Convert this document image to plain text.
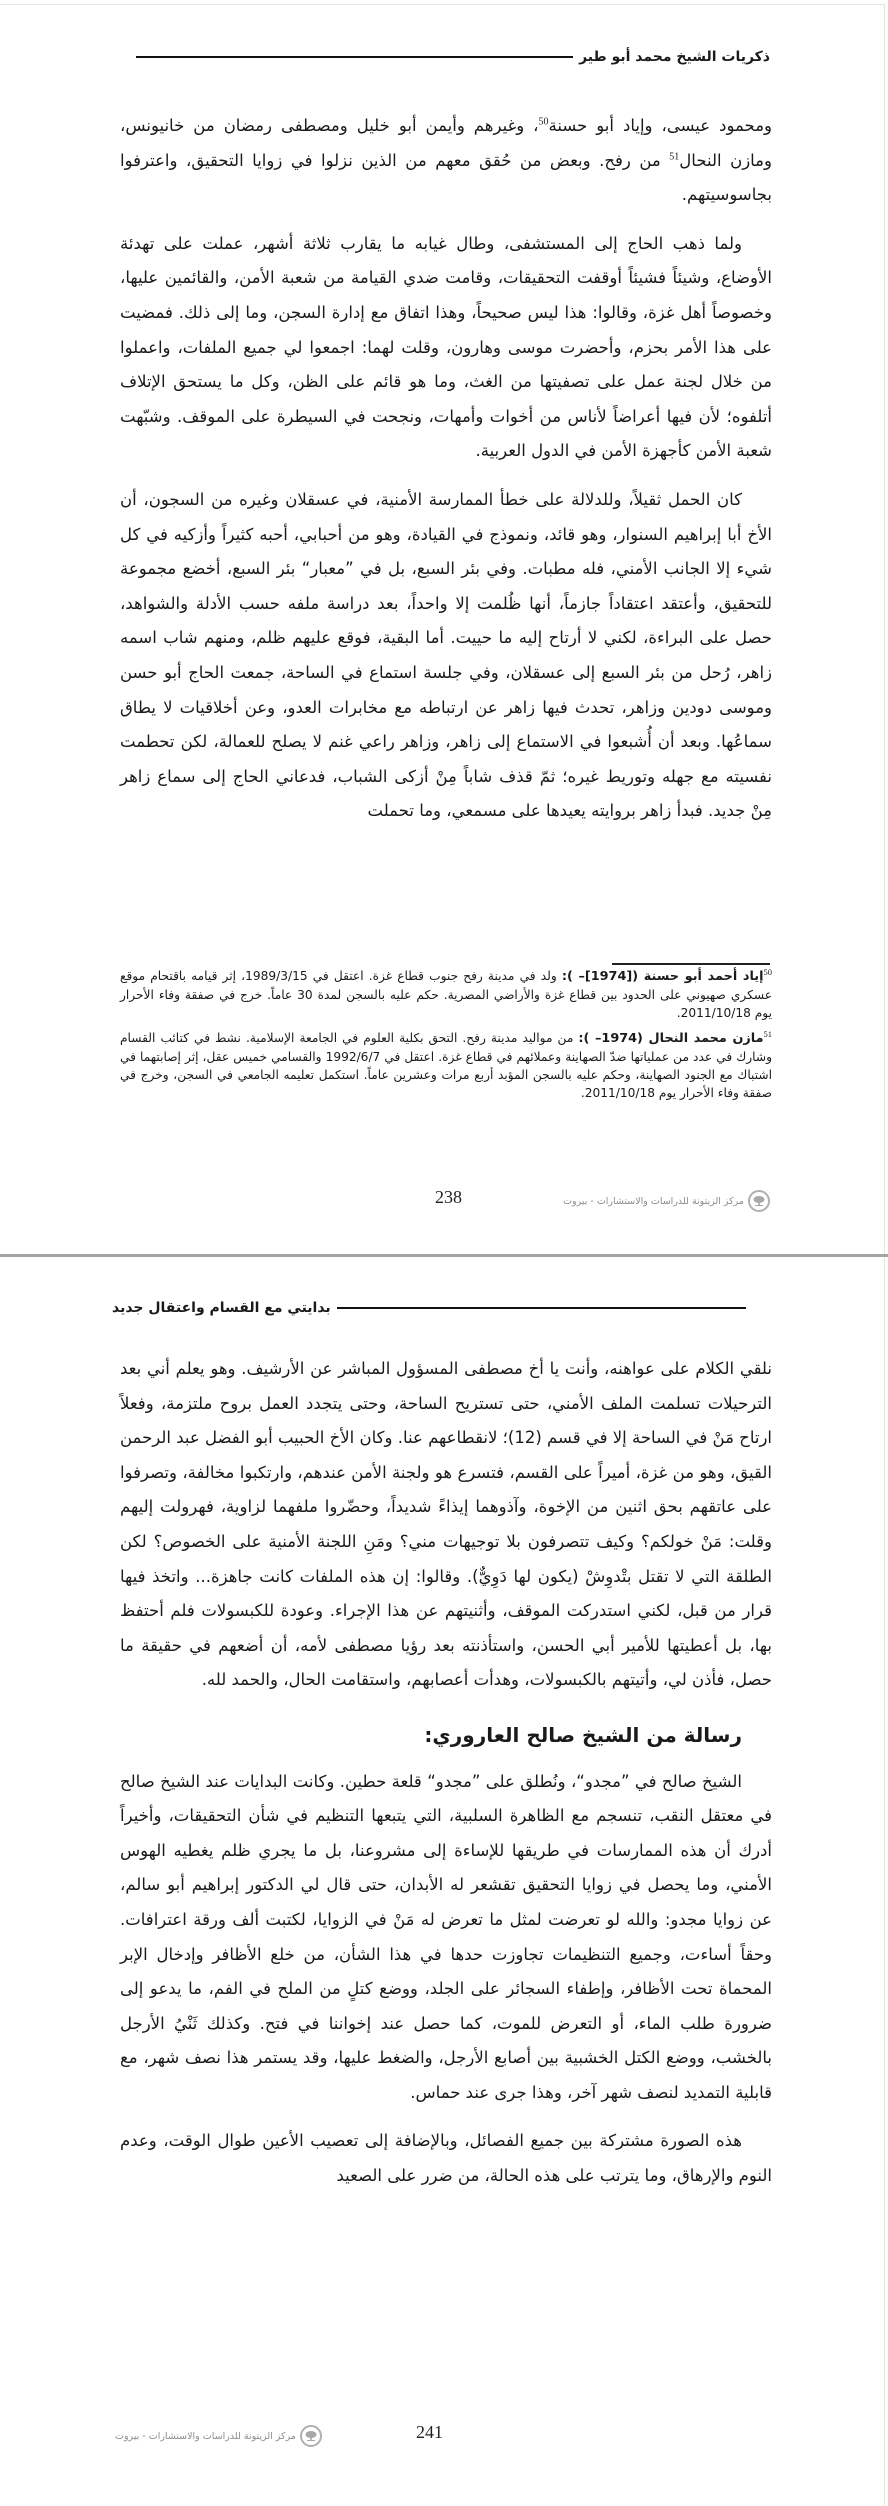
ذكريات الشيخ محمد أبو طير

ومحمود عيسى، وإياد أبو حسنة$^{50}$، وغيرهم وأيمن أبو خليل ومصطفى رمضان من خانيونس، ومازن النحال$^{51}$ من رفح. وبعض من حُقق معهم من الذين نزلوا في زوايا التحقيق، واعترفوا بجاسوسيتهم.

ولما ذهب الحاج إلى المستشفى، وطال غيابه ما يقارب ثلاثة أشهر، عملت على تهدئة الأوضاع، وشيئاً فشيئاً أوقفت التحقيقات، وقامت ضدي القيامة من شعبة الأمن، والقائمين عليها، وخصوصاً أهل غزة، وقالوا: هذا ليس صحيحاً، وهذا اتفاق مع إدارة السجن، وما إلى ذلك. فمضيت على هذا الأمر بحزم، وأحضرت موسى وهارون، وقلت لهما: اجمعوا لي جميع الملفات، واعملوا من خلال لجنة عمل على تصفيتها من الغث، وما هو قائم على الظن، وكل ما يستحق الإتلاف أتلفوه؛ لأن فيها أعراضاً لأناس من أخوات وأمهات، ونجحت في السيطرة على الموقف. وشبّهت شعبة الأمن كأجهزة الأمن في الدول العربية.

كان الحمل ثقيلاً، وللدلالة على خطأ الممارسة الأمنية، في عسقلان وغيره من السجون، أن الأخ أبا إبراهيم السنوار، وهو قائد، ونموذج في القيادة، وهو من أحبابي، أحبه كثيراً وأزكيه في كل شيء إلا الجانب الأمني، فله مطبات. وفي بئر السبع، بل في ”معبار“ بئر السبع، أخضع مجموعة للتحقيق، وأعتقد اعتقاداً جازماً، أنها ظُلمت إلا واحداً، بعد دراسة ملفه حسب الأدلة والشواهد، حصل على البراءة، لكني لا أرتاح إليه ما حييت. أما البقية، فوقع عليهم ظلم، ومنهم شاب اسمه زاهر، رُحل من بئر السبع إلى عسقلان، وفي جلسة استماع في الساحة، جمعت الحاج أبو حسن وموسى دودين وزاهر، تحدث فيها زاهر عن ارتباطه مع مخابرات العدو، وعن أخلاقيات لا يطاق سماعُها. وبعد أن أُشبعوا في الاستماع إلى زاهر، وزاهر راعي غنم لا يصلح للعمالة، لكن تحطمت نفسيته مع جهله وتوريط غيره؛ ثمّ قذف شاباً مِنْ أزكى الشباب، فدعاني الحاج إلى سماع زاهر مِنْ جديد. فبدأ زاهر بروايته يعيدها على مسمعي، وما تحملت

$^{50}$إياد أحمد أبو حسنة ([1974]– ): ولد في مدينة رفح جنوب قطاع غزة. اعتقل في 1989/3/15، إثر قيامه باقتحام موقع عسكري صهيوني على الحدود بين قطاع غزة والأراضي المصرية. حكم عليه بالسجن لمدة 30 عاماً. خرج في صفقة وفاء الأحرار يوم 2011/10/18.

$^{51}$مازن محمد النحال (1974– ): من مواليد مدينة رفح. التحق بكلية العلوم في الجامعة الإسلامية. نشط في كتائب القسام وشارك في عدد من عملياتها ضدّ الصهاينة وعملائهم في قطاع غزة. اعتقل في 1992/6/7 والقسامي خميس عقل، إثر إصابتهما في اشتباك مع الجنود الصهاينة، وحكم عليه بالسجن المؤبد أربع مرات وعشرين عاماً. استكمل تعليمه الجامعي في السجن، وخرج في صفقة وفاء الأحرار يوم 2011/10/18.

238	مركز الزيتونة للدراسات والاستشارات - بيروت
بدايتي مع القسام واعتقال جديد

نلقي الكلام على عواهنه، وأنت يا أخ مصطفى المسؤول المباشر عن الأرشيف. وهو يعلم أني بعد الترحيلات تسلمت الملف الأمني، حتى تستريح الساحة، وحتى يتجدد العمل بروح ملتزمة، وفعلاً ارتاح مَنْ في الساحة إلا في قسم (12)؛ لانقطاعهم عنا. وكان الأخ الحبيب أبو الفضل عبد الرحمن القيق، وهو من غزة، أميراً على القسم، فتسرع هو ولجنة الأمن عندهم، وارتكبوا مخالفة، وتصرفوا على عاتقهم بحق اثنين من الإخوة، وآذوهما إيذاءً شديداً، وحضّروا ملفهما لزاوية، فهرولت إليهم وقلت: مَنْ خولكم؟ وكيف تتصرفون بلا توجيهات مني؟ ومَنِ اللجنة الأمنية على الخصوص؟ لكن الطلقة التي لا تقتل بتْدوِشْ (يكون لها دَوِيٌّ). وقالوا: إن هذه الملفات كانت جاهزة... واتخذ فيها قرار من قبل، لكني استدركت الموقف، وأثنيتهم عن هذا الإجراء. وعودة للكبسولات فلم أحتفظ بها، بل أعطيتها للأمير أبي الحسن، واستأذنته بعد رؤيا مصطفى لأمه، أن أضعهم في حقيقة ما حصل، فأذن لي، وأتيتهم بالكبسولات، وهدأت أعصابهم، واستقامت الحال، والحمد لله.

رسالة من الشيخ صالح العاروري:

الشيخ صالح في ”مجدو“، ونُطلق على ”مجدو“ قلعة حطين. وكانت البدايات عند الشيخ صالح في معتقل النقب، تنسجم مع الظاهرة السلبية، التي يتبعها التنظيم في شأن التحقيقات، وأخيراً أدرك أن هذه الممارسات في طريقها للإساءة إلى مشروعنا، بل ما يجري ظلم يغطيه الهوس الأمني، وما يحصل في زوايا التحقيق تقشعر له الأبدان، حتى قال لي الدكتور إبراهيم أبو سالم، عن زوايا مجدو: والله لو تعرضت لمثل ما تعرض له مَنْ في الزوايا، لكتبت ألف ورقة اعترافات. وحقاً أساءت، وجميع التنظيمات تجاوزت حدها في هذا الشأن، من خلع الأظافر وإدخال الإبر المحماة تحت الأظافر، وإطفاء السجائر على الجلد، ووضع كتلٍ من الملح في الفم، ما يدعو إلى ضرورة طلب الماء، أو التعرض للموت، كما حصل عند إخواننا في فتح. وكذلك ثَنْيُ الأرجل بالخشب، ووضع الكتل الخشبية بين أصابع الأرجل، والضغط عليها، وقد يستمر هذا نصف شهر، مع قابلية التمديد لنصف شهر آخر، وهذا جرى عند حماس.

هذه الصورة مشتركة بين جميع الفصائل، وبالإضافة إلى تعصيب الأعين طوال الوقت، وعدم النوم والإرهاق، وما يترتب على هذه الحالة، من ضرر على الصعيد

241
مركز الزيتونة للدراسات والاستشارات - بيروت
